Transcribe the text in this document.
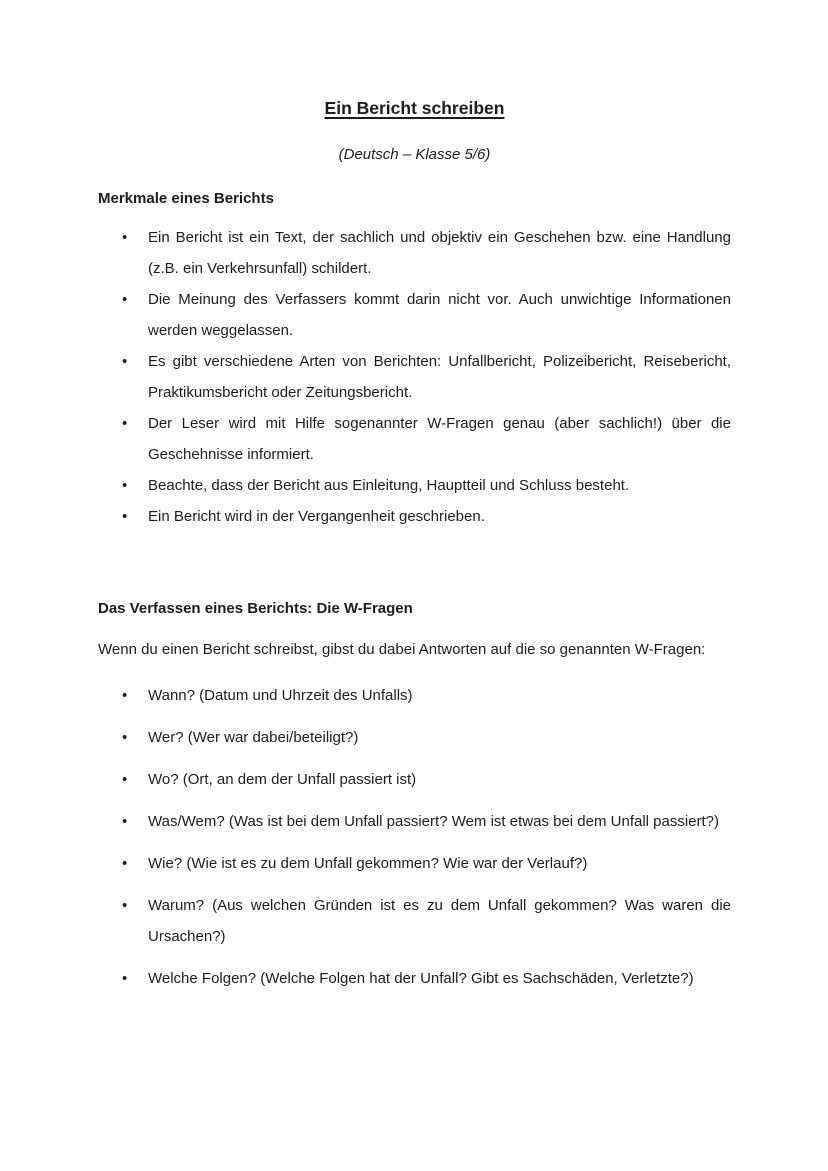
Ein Bericht schreiben

(Deutsch – Klasse 5/6)

Merkmale eines Berichts
• Ein Bericht ist ein Text, der sachlich und objektiv ein Geschehen bzw. eine Handlung
(z.B. ein Verkehrsunfall) schildert.
• Die Meinung des Verfassers kommt darin nicht vor. Auch unwichtige Informationen
werden weggelassen.
• Es gibt verschiedene Arten von Berichten: Unfallbericht, Polizeibericht, Reisebericht,
Praktikumsbericht oder Zeitungsbericht.
• Der Leser wird mit Hilfe sogenannter W-Fragen genau (aber sachlich!) über die
Geschehnisse informiert.
• Beachte, dass der Bericht aus Einleitung, Hauptteil und Schluss besteht.
• Ein Bericht wird in der Vergangenheit geschrieben.
Das Verfassen eines Berichts: Die W-Fragen

Wenn du einen Bericht schreibst, gibst du dabei Antworten auf die so genannten W-Fragen:

• Wann? (Datum und Uhrzeit des Unfalls)
• Wer? (Wer war dabei/beteiligt?)
• Wo? (Ort, an dem der Unfall passiert ist)
• Was/Wem? (Was ist bei dem Unfall passiert? Wem ist etwas bei dem Unfall passiert?)
• Wie? (Wie ist es zu dem Unfall gekommen? Wie war der Verlauf?)
• Warum? (Aus welchen Gründen ist es zu dem Unfall gekommen? Was waren die
Ursachen?)
• Welche Folgen? (Welche Folgen hat der Unfall? Gibt es Sachschäden, Verletzte?)
